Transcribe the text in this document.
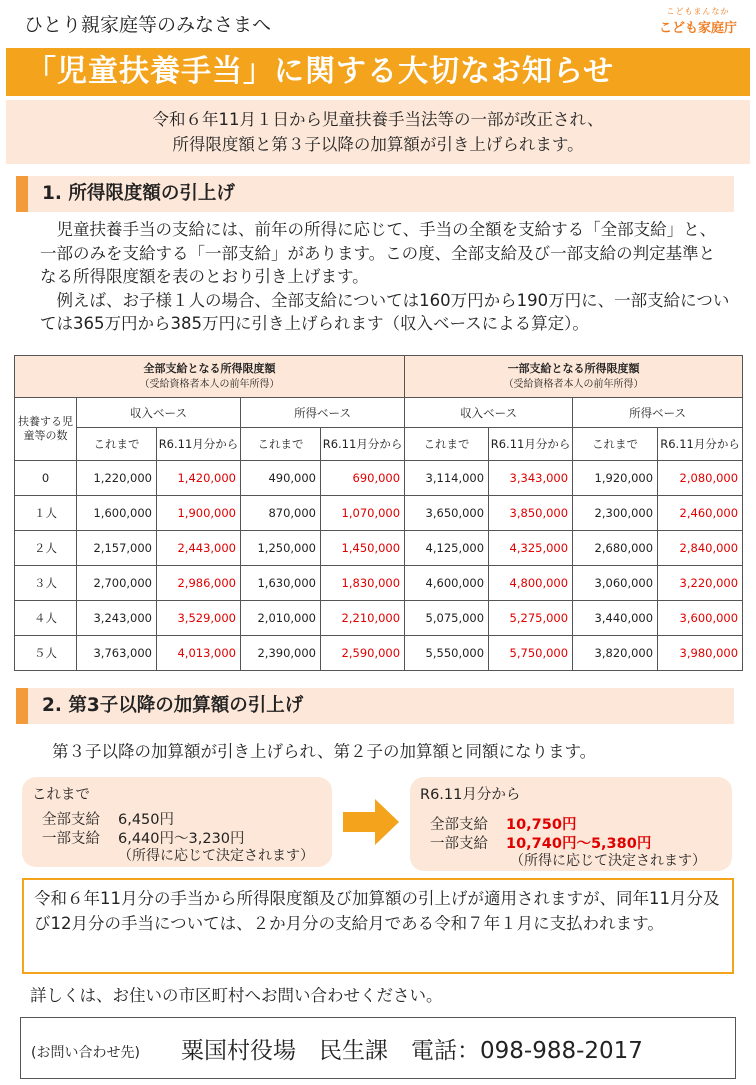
ひとり親家庭等のみなさまへ
こどもまんなか
こども家庭庁
「児童扶養手当」に関する大切なお知らせ
令和６年11月１日から児童扶養手当法等の一部が改正され、
所得限度額と第３子以降の加算額が引き上げられます。
1. 所得限度額の引上げ

児童扶養手当の支給には、前年の所得に応じて、手当の全額を支給する「全部支給」と、一部のみを支給する「一部支給」があります。この度、全部支給及び一部支給の判定基準となる所得限度額を表のとおり引き上げます。

例えば、お子様１人の場合、全部支給については160万円から190万円に、一部支給については365万円から385万円に引き上げられます（収入ベースによる算定）。

全部支給となる所得限度額
（受給資格者本人の前年所得）					一部支給となる所得限度額
（受給資格者本人の前年所得）			
扶養する児童等の数	収入ベース		所得ベース		収入ベース		所得ベース	
	これまで	R6.11月分から	これまで	R6.11月分から	これまで	R6.11月分から	これまで	R6.11月分から
0	1,220,000	1,420,000	490,000	690,000	3,114,000	3,343,000	1,920,000	2,080,000
１人	1,600,000	1,900,000	870,000	1,070,000	3,650,000	3,850,000	2,300,000	2,460,000
２人	2,157,000	2,443,000	1,250,000	1,450,000	4,125,000	4,325,000	2,680,000	2,840,000
３人	2,700,000	2,986,000	1,630,000	1,830,000	4,600,000	4,800,000	3,060,000	3,220,000
４人	3,243,000	3,529,000	2,010,000	2,210,000	5,075,000	5,275,000	3,440,000	3,600,000
５人	3,763,000	4,013,000	2,390,000	2,590,000	5,550,000	5,750,000	3,820,000	3,980,000
2. 第3子以降の加算額の引上げ
第３子以降の加算額が引き上げられ、第２子の加算額と同額になります。
これまで
全部支給 6,450円
一部支給 6,440円～3,230円
（所得に応じて決定されます）
R6.11月分から
全部支給 10,750円
一部支給 10,740円～5,380円
（所得に応じて決定されます）
令和６年11月分の手当から所得限度額及び加算額の引上げが適用されますが、同年11月分及び12月分の手当については、２か月分の支給月である令和７年１月に支払われます。
詳しくは、お住いの市区町村へお問い合わせください。
(お問い合わせ先) 粟国村役場　民生課　電話：098-988-2017
